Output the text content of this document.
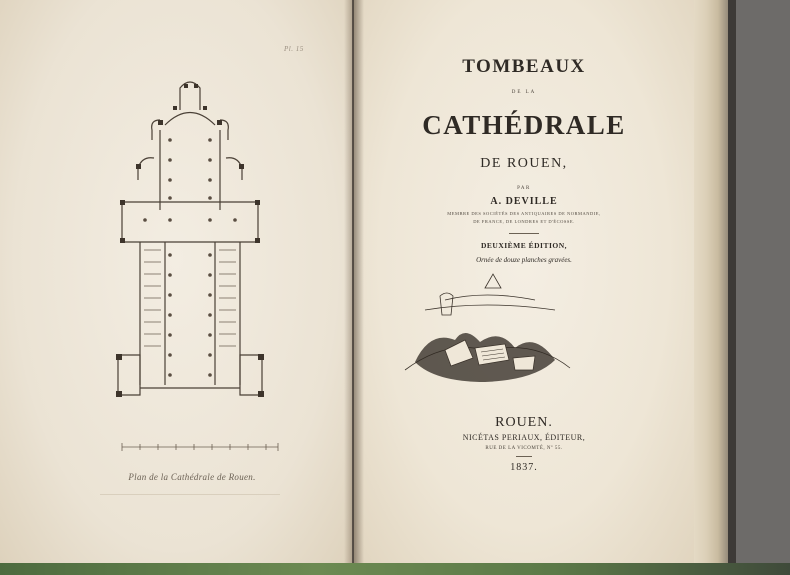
Pl. 15
Plan de la Cathédrale de Rouen.
TOMBEAUX
DE LA
CATHÉDRALE
DE ROUEN,
PAR
A. DEVILLE
MEMBRE DES SOCIÉTÉS DES ANTIQUAIRES DE NORMANDIE,
DE FRANCE, DE LONDRES ET D'ÉCOSSE.
DEUXIÈME ÉDITION,
Ornée de douze planches gravées.
ROUEN.
NICÉTAS PERIAUX, ÉDITEUR,
RUE DE LA VICOMTÉ, Nº 55.
1837.
